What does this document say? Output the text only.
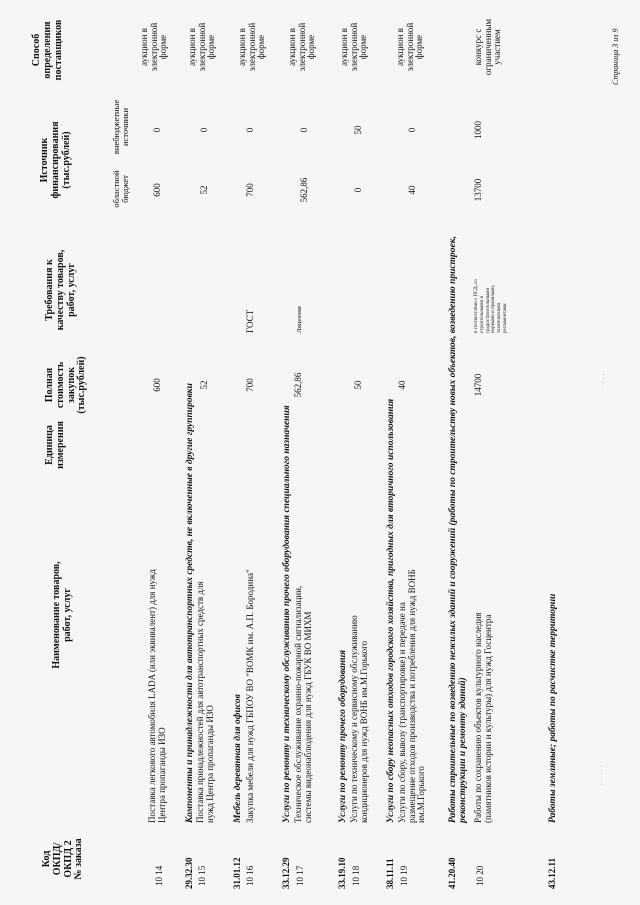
Код
ОКПД/
ОКПД 2
№ заказа
Наименование товаров,
работ, услуг
Единица
измерения
Полная
стоимость
закупок
(тыс.рублей)
Требования к
качеству товаров,
работ, услуг
Источник
финансирования
(тыс.рублей)
областной
бюджет
внебюджетные
источники
Способ
определения
поставщиков
10 14
Поставка легкового автомобиля LADA (или эквивалент) для нужд
Центра пропаганды ИЗО
600
600
0
аукцион в
электронной
форме
29.32.30
Компоненты и принадлежности для автотранспортных средств, не включенные в другие группировки
10 15
Поставка принадлежностей для автотранспортных средств для
нужд Центра пропаганды ИЗО
52
52
0
аукцион в
электронной
форме
31.01.12
Мебель деревянная для офисов
10 16
Закупка мебели для нужд ГБПОУ ВО "ВОМК им. А.П. Бородина"
700
ГОСТ
700
0
аукцион в
электронной
форме
33.12.29
Услуги по ремонту и техническому обслуживанию прочего оборудования специального назначения
10 17
Техническое обслуживание охранно-пожарной сигнализации,
системы видеонаблюдения для нужд ГБУК ВО МИХМ
562,86
Лицензия
562,86
0
аукцион в
электронной
форме
33.19.10
Услуги по ремонту прочего оборудования
10 18
Услуги по техническому и сервисному обслуживанию
кондиционеров для нужд ВОНБ им.М.Горького
50
0
50
аукцион в
электронной
форме
38.11.11
Услуги по сбору неопасных отходов городского хозяйства, пригодных для вторичного использования
10 19
Услуги по сбору, вывозу (транспортировке) и передаче на
размещение отходов производства и потребления для нужд ВОНБ
им.М.Горького
40
40
0
аукцион в
электронной
форме
41.20.40
Работы строительные по возведению нежилых зданий и сооружений (работы по строительству новых объектов, возведению пристроек,
реконструкции и ремонту зданий)
10 20
Работы по сохранению объектов культурного наследия
(памятников истории и культуры) для нужд Госцентра
14700
в соответствии с ПСД, со
строительными и
градостроительными
нормами и правилами,
техническими
регламентами
13700
1000
конкурс с
ограниченным
участием
43.12.11
Работы земляные; работы по расчистке территории
Страница 3 из 9
. . . . . .
~ · ·
